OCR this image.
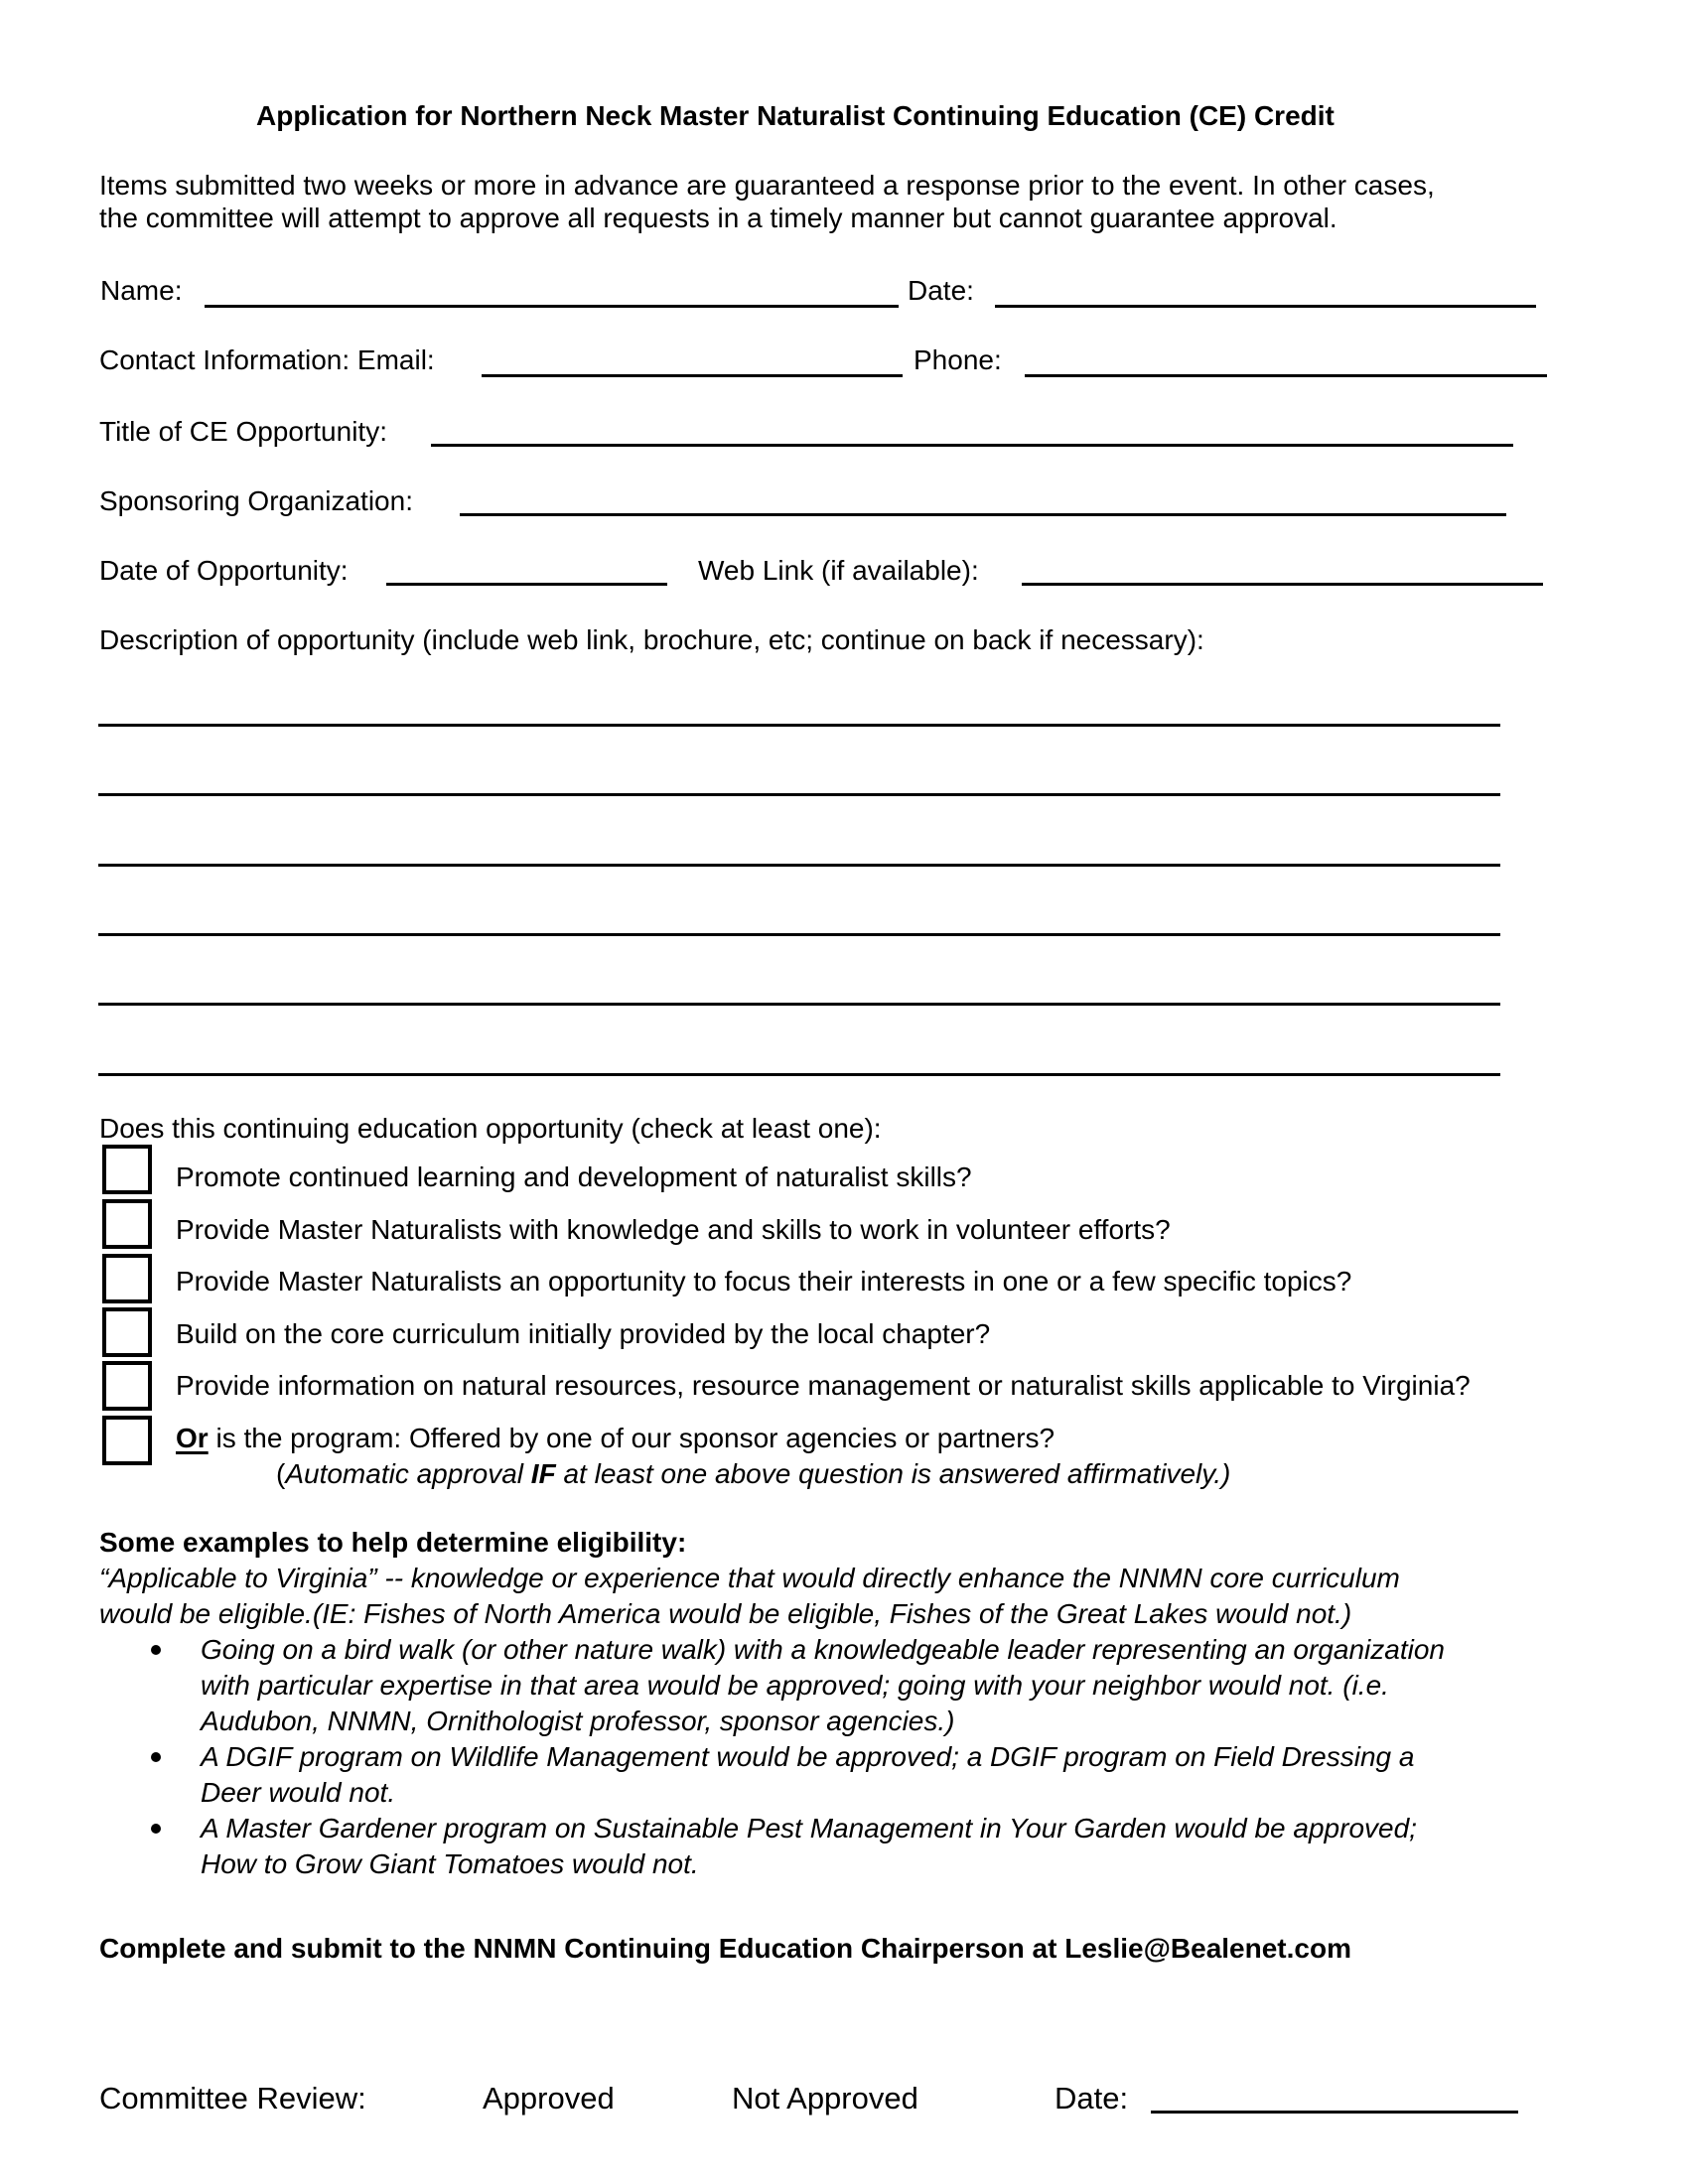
Application for Northern Neck Master Naturalist Continuing Education (CE) Credit
Items submitted two weeks or more in advance are guaranteed a response prior to the event. In other cases,
the committee will attempt to approve all requests in a timely manner but cannot guarantee approval.
Name:	Date:
Contact Information: Email:	Phone:
Title of CE Opportunity:
Sponsoring Organization:
Date of Opportunity:	Web Link (if available):
Description of opportunity (include web link, brochure, etc; continue on back if necessary):
Does this continuing education opportunity (check at least one):
Promote continued learning and development of naturalist skills?
Provide Master Naturalists with knowledge and skills to work in volunteer efforts?
Provide Master Naturalists an opportunity to focus their interests in one or a few specific topics?
Build on the core curriculum initially provided by the local chapter?
Provide information on natural resources, resource management or naturalist skills applicable to Virginia?
Or is the program: Offered by one of our sponsor agencies or partners?
(Automatic approval IF at least one above question is answered affirmatively.)
Some examples to help determine eligibility:
“Applicable to Virginia” -- knowledge or experience that would directly enhance the NNMN core curriculum
would be eligible.(IE: Fishes of North America would be eligible, Fishes of the Great Lakes would not.)
Going on a bird walk (or other nature walk) with a knowledgeable leader representing an organization
with particular expertise in that area would be approved; going with your neighbor would not. (i.e.
Audubon, NNMN, Ornithologist professor, sponsor agencies.)
A DGIF program on Wildlife Management would be approved; a DGIF program on Field Dressing a
Deer would not.
A Master Gardener program on Sustainable Pest Management in Your Garden would be approved;
How to Grow Giant Tomatoes would not.
Complete and submit to the NNMN Continuing Education Chairperson at Leslie@Bealenet.com
Committee Review:	Approved	Not Approved	Date:
